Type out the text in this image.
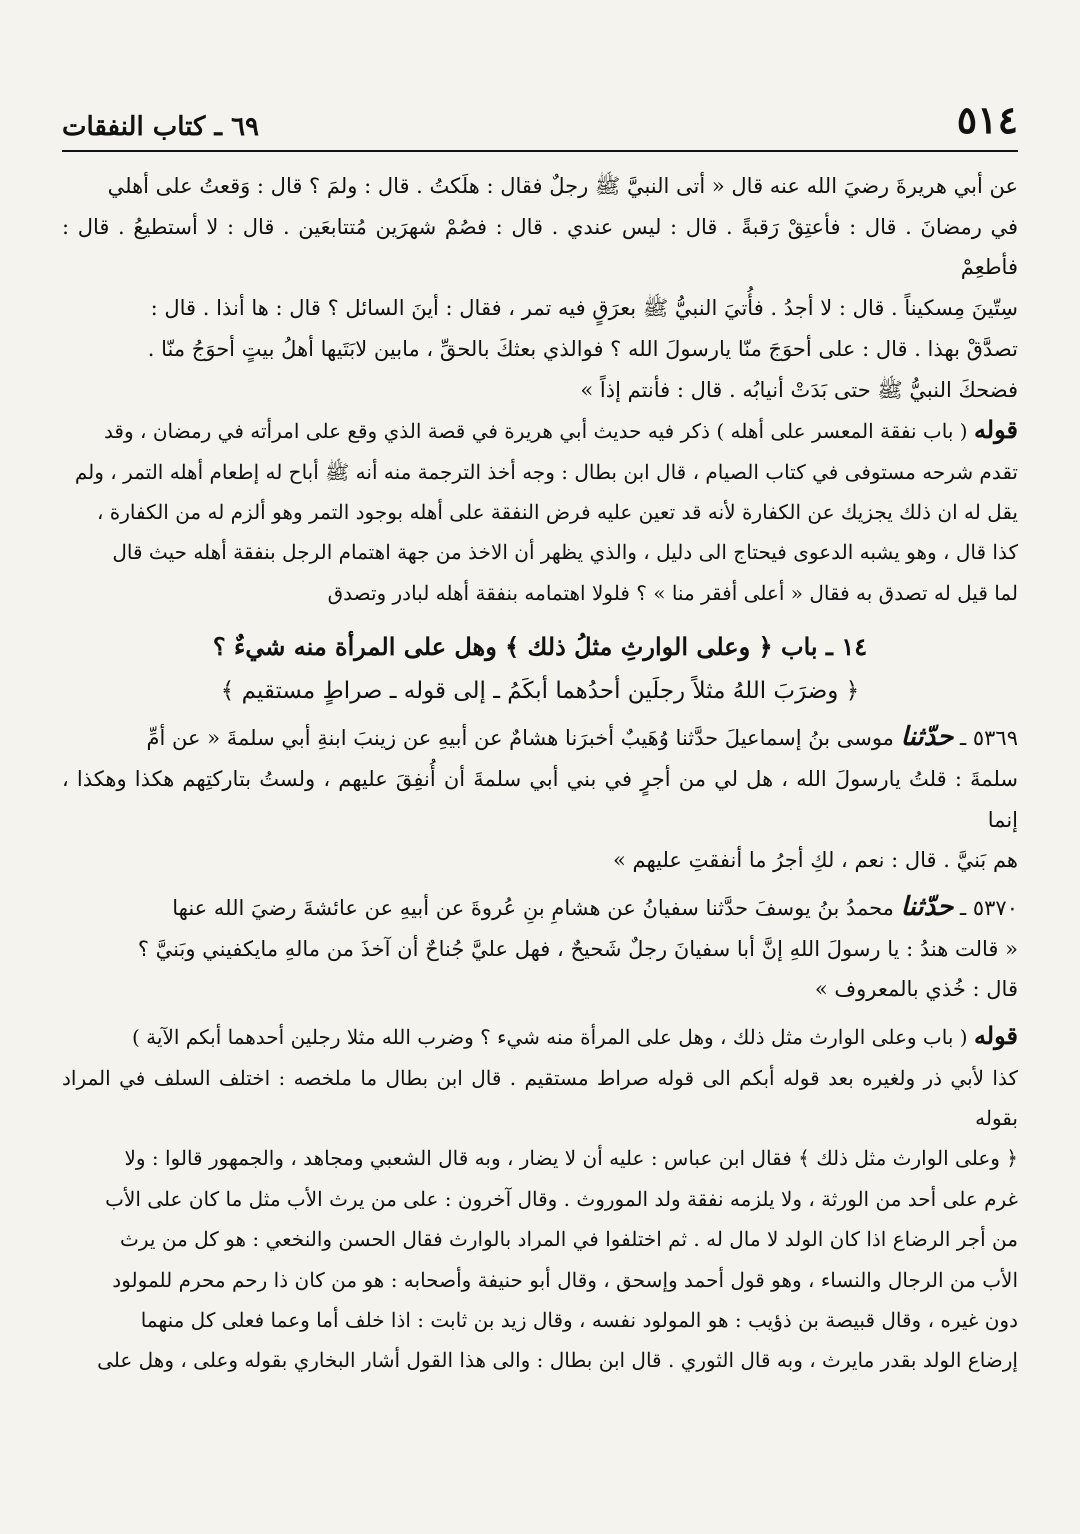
٥١٤
٦٩ ـ كتاب النفقات

عن أبي هريرةَ رضيَ الله عنه قال « أتى النبيَّ ﷺ رجلٌ فقال : هلَكتُ . قال : ولمَ ؟ قال : وَقعتُ على أهلي

في رمضانَ . قال : فأعتِقْ رَقبةً . قال : ليس عندي . قال : فصُمْ شهرَين مُتتابعَين . قال : لا أستطيعُ . قال : فأطعِمْ

سِتّينَ مِسكيناً . قال : لا أجدُ . فأُتيَ النبيُّ ﷺ بعرَقٍ فيه تمر ، فقال : أينَ السائل ؟ قال : ها أنذا . قال :

تصدَّقْ بهذا . قال : على أحوَجَ منّا يارسولَ الله ؟ فوالذي بعثكَ بالحقِّ ، مابين لابَتَيها أهلُ بيتٍ أحوَجُ منّا .

فضحكَ النبيُّ ﷺ حتى بَدَتْ أنيابُه . قال : فأنتم إذاً »

قوله ( باب نفقة المعسر على أهله ) ذكر فيه حديث أبي هريرة في قصة الذي وقع على امرأته في رمضان ، وقد

تقدم شرحه مستوفى في كتاب الصيام ، قال ابن بطال : وجه أخذ الترجمة منه أنه ﷺ أباح له إطعام أهله التمر ، ولم

يقل له ان ذلك يجزيك عن الكفارة لأنه قد تعين عليه فرض النفقة على أهله بوجود التمر وهو ألزم له من الكفارة ،

كذا قال ، وهو يشبه الدعوى فيحتاج الى دليل ، والذي يظهر أن الاخذ من جهة اهتمام الرجل بنفقة أهله حيث قال

لما قيل له تصدق به فقال « أعلى أفقر منا » ؟ فلولا اهتمامه بنفقة أهله لبادر وتصدق

١٤ ـ باب ﴿ وعلى الوارثِ مثلُ ذلك ﴾ وهل على المرأة منه شيءٌ ؟

﴿ وضرَبَ اللهُ مثلاً رجلَين أحدُهما أبكَمُ ـ إلى قوله ـ صراطٍ مستقيم ﴾

٥٣٦٩ ـ حدّثنا موسى بنُ إسماعيلَ حدَّثنا وُهَيبٌ أخبرَنا هشامٌ عن أبيهِ عن زينبَ ابنةِ أبي سلمةَ « عن أمِّ

سلمةَ : قلتُ يارسولَ الله ، هل لي من أجرٍ في بني أبي سلمةَ أن أُنفِقَ عليهم ، ولستُ بتاركتِهم هكذا وهكذا ، إنما

هم بَنيَّ . قال : نعم ، لكِ أجرُ ما أنفقتِ عليهم »

٥٣٧٠ ـ حدّثنا محمدُ بنُ يوسفَ حدَّثنا سفيانُ عن هشامِ بنِ عُروةَ عن أبيهِ عن عائشةَ رضيَ الله عنها

« قالت هندُ : يا رسولَ اللهِ إنَّ أبا سفيانَ رجلٌ شَحيحٌ ، فهل عليَّ جُناحٌ أن آخذَ من مالهِ مايكفيني وبَنيَّ ؟

قال : خُذي بالمعروف »

قوله ( باب وعلى الوارث مثل ذلك ، وهل على المرأة منه شيء ؟ وضرب الله مثلا رجلين أحدهما أبكم الآية )

كذا لأبي ذر ولغيره بعد قوله أبكم الى قوله صراط مستقيم . قال ابن بطال ما ملخصه : اختلف السلف في المراد بقوله

﴿ وعلى الوارث مثل ذلك ﴾ فقال ابن عباس : عليه أن لا يضار ، وبه قال الشعبي ومجاهد ، والجمهور قالوا : ولا

غرم على أحد من الورثة ، ولا يلزمه نفقة ولد الموروث . وقال آخرون : على من يرث الأب مثل ما كان على الأب

من أجر الرضاع اذا كان الولد لا مال له . ثم اختلفوا في المراد بالوارث فقال الحسن والنخعي : هو كل من يرث

الأب من الرجال والنساء ، وهو قول أحمد وإسحق ، وقال أبو حنيفة وأصحابه : هو من كان ذا رحم محرم للمولود

دون غيره ، وقال قبيصة بن ذؤيب : هو المولود نفسه ، وقال زيد بن ثابت : اذا خلف أما وعما فعلى كل منهما

إرضاع الولد بقدر مايرث ، وبه قال الثوري . قال ابن بطال : والى هذا القول أشار البخاري بقوله وعلى ، وهل على
